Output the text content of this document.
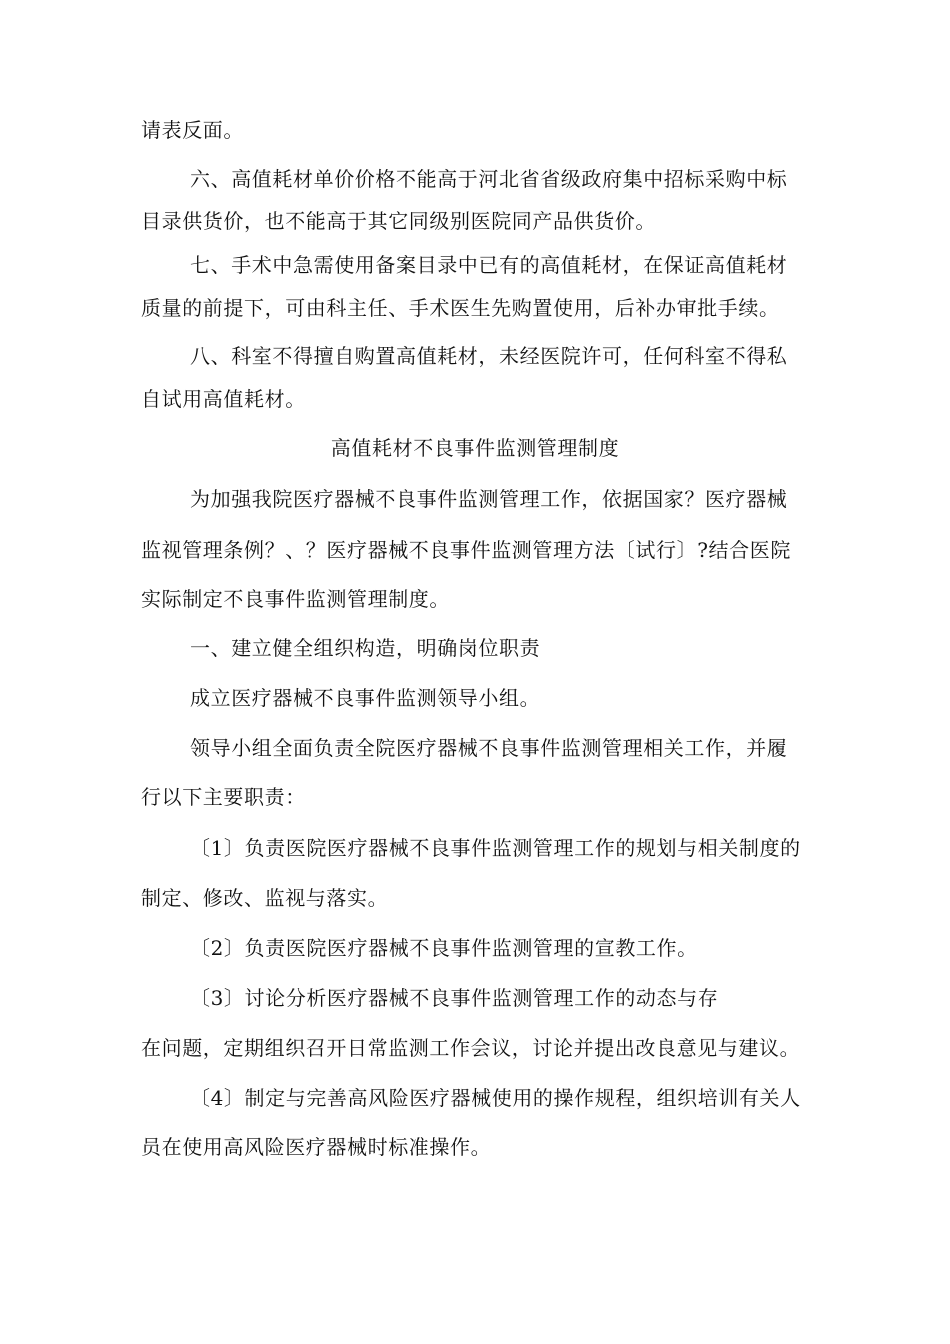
请表反面。
六、高值耗材单价价格不能高于河北省省级政府集中招标采购中标
目录供货价，也不能高于其它同级别医院同产品供货价。
七、手术中急需使用备案目录中已有的高值耗材，在保证高值耗材
质量的前提下，可由科主任、手术医生先购置使用，后补办审批手续。
八、科室不得擅自购置高值耗材，未经医院许可，任何科室不得私
自试用高值耗材。
高值耗材不良事件监测管理制度
为加强我院医疗器械不良事件监测管理工作，依据国家？医疗器械
监视管理条例？、？医疗器械不良事件监测管理方法〔试行〕?结合医院
实际制定不良事件监测管理制度。
一、建立健全组织构造，明确岗位职责
成立医疗器械不良事件监测领导小组。
领导小组全面负责全院医疗器械不良事件监测管理相关工作，并履
行以下主要职责：
〔1〕负责医院医疗器械不良事件监测管理工作的规划与相关制度的
制定、修改、监视与落实。
〔2〕负责医院医疗器械不良事件监测管理的宣教工作。
〔3〕讨论分析医疗器械不良事件监测管理工作的动态与存
在问题，定期组织召开日常监测工作会议，讨论并提出改良意见与建议。
〔4〕制定与完善高风险医疗器械使用的操作规程，组织培训有关人
员在使用高风险医疗器械时标准操作。
